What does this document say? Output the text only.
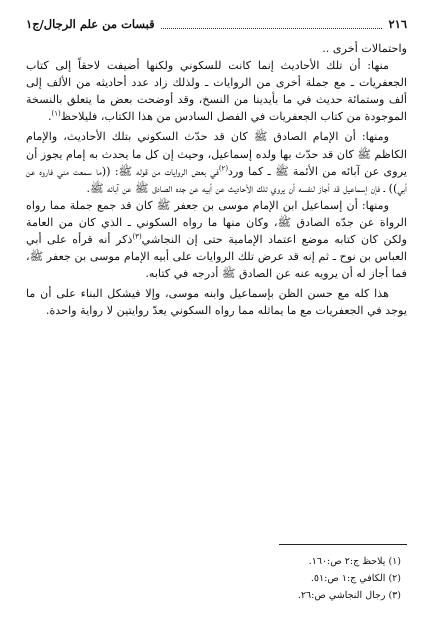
٢١٦
قبسات من علم الرجال/ج١

واحتمالات أخرى ..

منها: أن تلك الأحاديث إنما كانت للسكوني ولكنها أضيفت لاحقاً إلى كتاب الجعفريات ـ مع جملة أخرى من الروايات ـ ولذلك زاد عدد أحاديثه من الألف إلى ألف وستمائة حديث في ما بأيدينا من النسخ، وقد أوضحت بعض ما يتعلق بالنسخة الموجودة من كتاب الجعفريات في الفصل السادس من هذا الكتاب، فليلاحظ$^{(١)}$.

ومنها: أن الإمام الصادق ﷺ كان قد حدّث السكوني بتلك الأحاديث، والإمام الكاظم ﷺ كان قد حدّث بها ولده إسماعيل، وحيث إن كل ما يحدث به إمام يجوز أن يروى عن آبائه من الأئمة ﷺ ـ كما ورد$^{(٢)}$في بعض الروايات من قوله ﷺ: ((ما سمعت مني فاروه عن أبي)) ـ فإن إسماعيل قد أجاز لنفسه أن يروي تلك الأحاديث عن أبيه عن جده الصادق ﷺ عن آبائه ﷺ.

ومنها: أن إسماعيل ابن الإمام موسى بن جعفر ﷺ كان قد جمع جملة مما رواه الرواة عن جدّه الصادق ﷺ، وكان منها ما رواه السكوني ـ الذي كان من العامة ولكن كان كتابه موضع اعتماد الإمامية حتى إن النجاشي$^{(٣)}$ذكر أنه قرأه على أبي العباس بن نوح ـ ثم إنه قد عرض تلك الروايات على أبيه الإمام موسى بن جعفر ﷺ، فما أجاز له أن يرويه عنه عن الصادق ﷺ أدرجه في كتابه.

هذا كله مع حسن الظن بإسماعيل وابنه موسى، وإلا فيشكل البناء على أن ما يوجد في الجعفريات مع ما يماثله مما رواه السكوني يعدّ روايتين لا رواية واحدة.

(١) يلاحظ ج:٢ ص:١٦٠.
(٢) الكافي ج:١ ص:٥١.
(٣) رجال النجاشي ص:٢٦.
